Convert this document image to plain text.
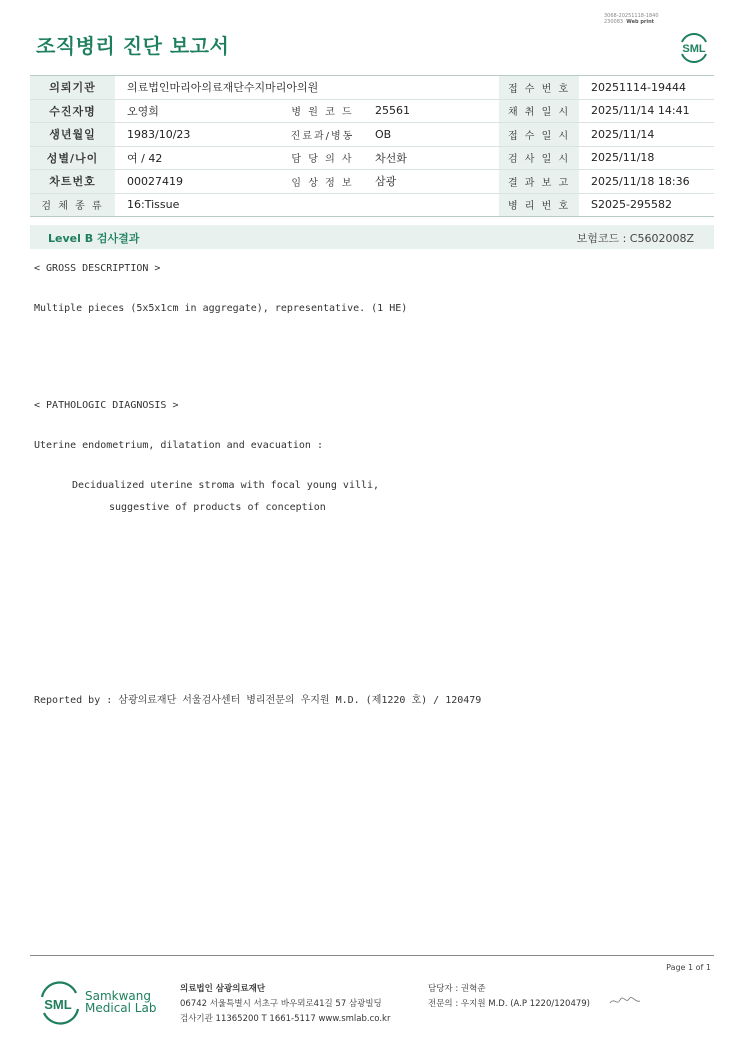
조직병리 진단 보고서
3068-20251118-1840
230083 Web print
SML
의뢰기관	의료법인마리아의료재단수지마리아의원			접 수 번 호	20251114-19444
수진자명	오영희	병 원 코 드	25561	채 취 일 시	2025/11/14 14:41
생년월일	1983/10/23	진료과/병동	OB	접 수 일 시	2025/11/14
성별/나이	여 / 42	담 당 의 사	차선화	검 사 일 시	2025/11/18
차트번호	00027419	임 상 정 보	삼광	결 과 보 고	2025/11/18 18:36
검 체 종 류	16:Tissue			병 리 번 호	S2025-295582
Level B 검사결과	보험코드 : C5602008Z
< GROSS DESCRIPTION >
Multiple pieces (5x5x1cm in aggregate), representative. (1 HE)
< PATHOLOGIC DIAGNOSIS >
Uterine endometrium, dilatation and evacuation :
Decidualized uterine stroma with focal young villi,
suggestive of products of conception
Reported by : 삼광의료재단 서울검사센터 병리전문의 우지원 M.D. (제1220 호) / 120479
Page 1 of 1
SML
Samkwang
Medical Lab
의료법인 삼광의료재단
06742 서울특별시 서초구 바우뫼로41길 57 삼광빌딩
검사기관 11365200 T 1661-5117 www.smlab.co.kr
담당자 : 권혁준
전문의 : 우지원 M.D. (A.P 1220/120479)
